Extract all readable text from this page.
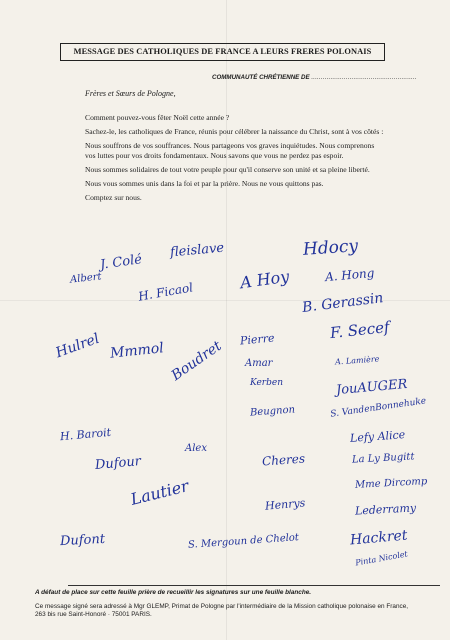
MESSAGE DES CATHOLIQUES DE FRANCE A LEURS FRERES POLONAIS
COMMUNAUTÉ CHRÉTIENNE DE .......................................................
Frères et Sœurs de Pologne,

Comment pouvez-vous fêter Noël cette année ?

Sachez-le, les catholiques de France, réunis pour célébrer la naissance du Christ, sont à vos côtés :

Nous souffrons de vos souffrances. Nous partageons vos graves inquiétudes. Nous comprenons vos luttes pour vos droits fondamentaux. Nous savons que vous ne perdez pas espoir.

Nous sommes solidaires de tout votre peuple pour qu'il conserve son unité et sa pleine liberté.

Nous vous sommes unis dans la foi et par la prière. Nous ne vous quittons pas.

Comptez sur nous.

J. Colé
Albert
fleislave	Hdocy
H. Ficaol
A. Hong
A Hoy
B. Gerassin
Hulrel Mmmol Boudret Pierre	F. Secef
A. Lamière
Amar
Kerben	JouAUGER
S. VandenBonnehuke
H. Baroit
Beugnon
Lefy Alice
Dufour
Alex
Cheres	La Ly Bugitt
Mme Dircomp
Lautier	Henrys	Lederramy
Dufont	S. Mergoun de Chelot	Hackret
Pinta Nicolet
A défaut de place sur cette feuille prière de recueillir les signatures sur une feuille blanche.
Ce message signé sera adressé à Mgr GLEMP, Primat de Pologne par l'intermédiaire de la Mission catholique polonaise en France, 263 bis rue Saint-Honoré · 75001 PARIS.
